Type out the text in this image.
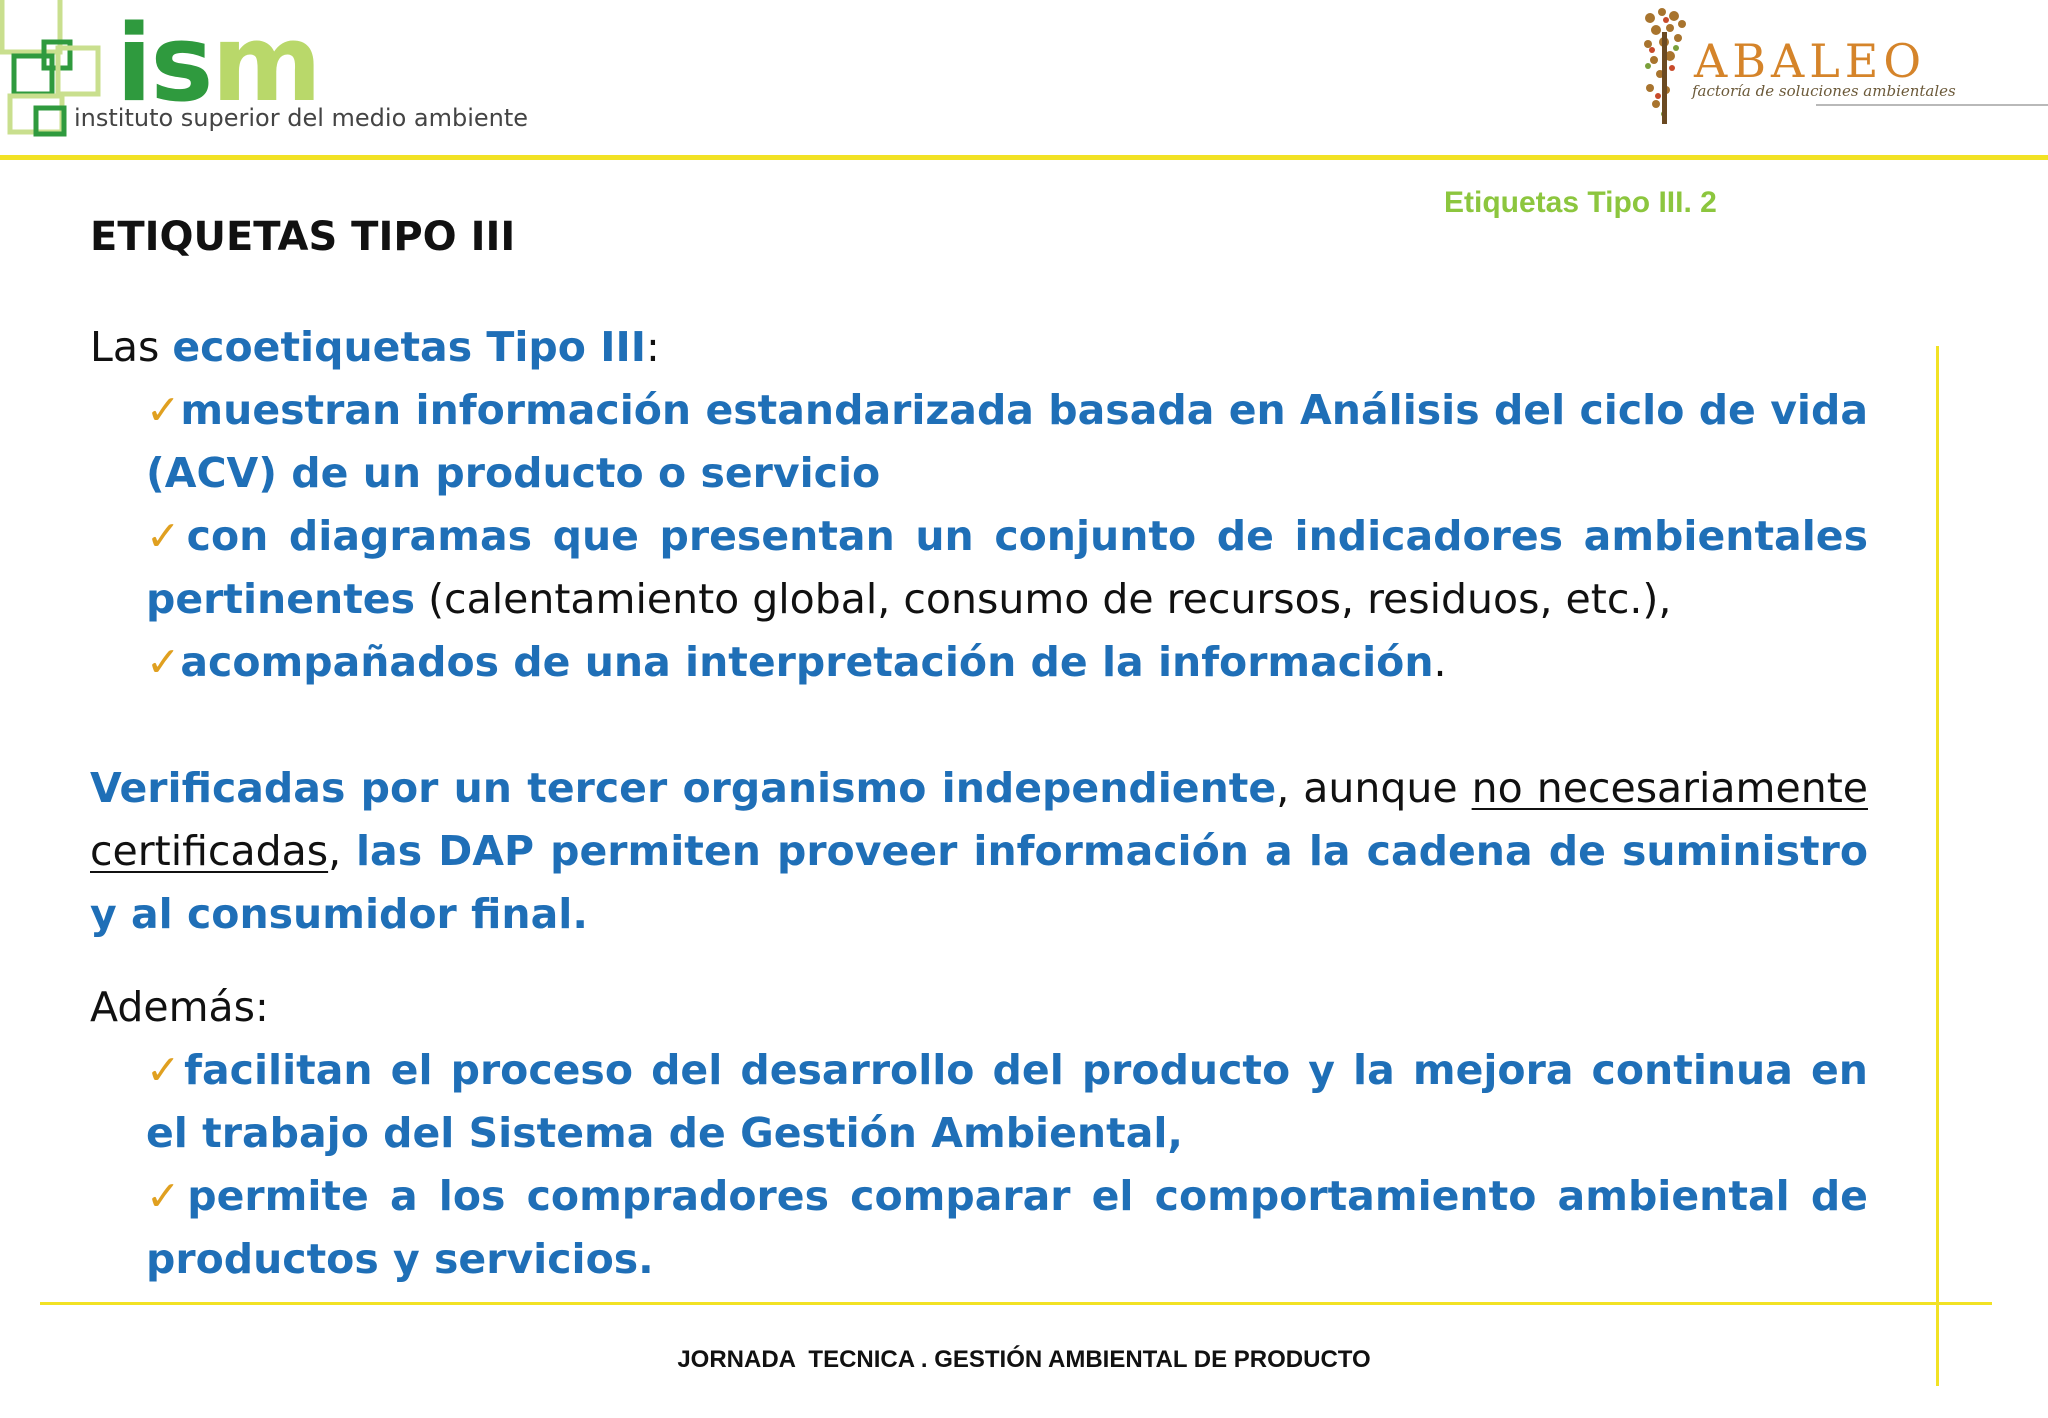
ism
instituto superior del medio ambiente
ABALEO
factoría de soluciones ambientales
Etiquetas Tipo III. 2
ETIQUETAS TIPO III

Las ecoetiquetas Tipo III:

✓muestran información estandarizada basada en Análisis del ciclo de vida (ACV) de un producto o servicio

✓con diagramas que presentan un conjunto de indicadores ambientales pertinentes (calentamiento global, consumo de recursos, residuos, etc.),

✓acompañados de una interpretación de la información.

Verificadas por un tercer organismo independiente, aunque no necesariamente certificadas, las DAP permiten proveer información a la cadena de suministro y al consumidor final.

Además:

✓facilitan el proceso del desarrollo del producto y la mejora continua en el trabajo del Sistema de Gestión Ambiental,

✓permite a los compradores comparar el comportamiento ambiental de productos y servicios.

JORNADA  TECNICA . GESTIÓN AMBIENTAL DE PRODUCTO
